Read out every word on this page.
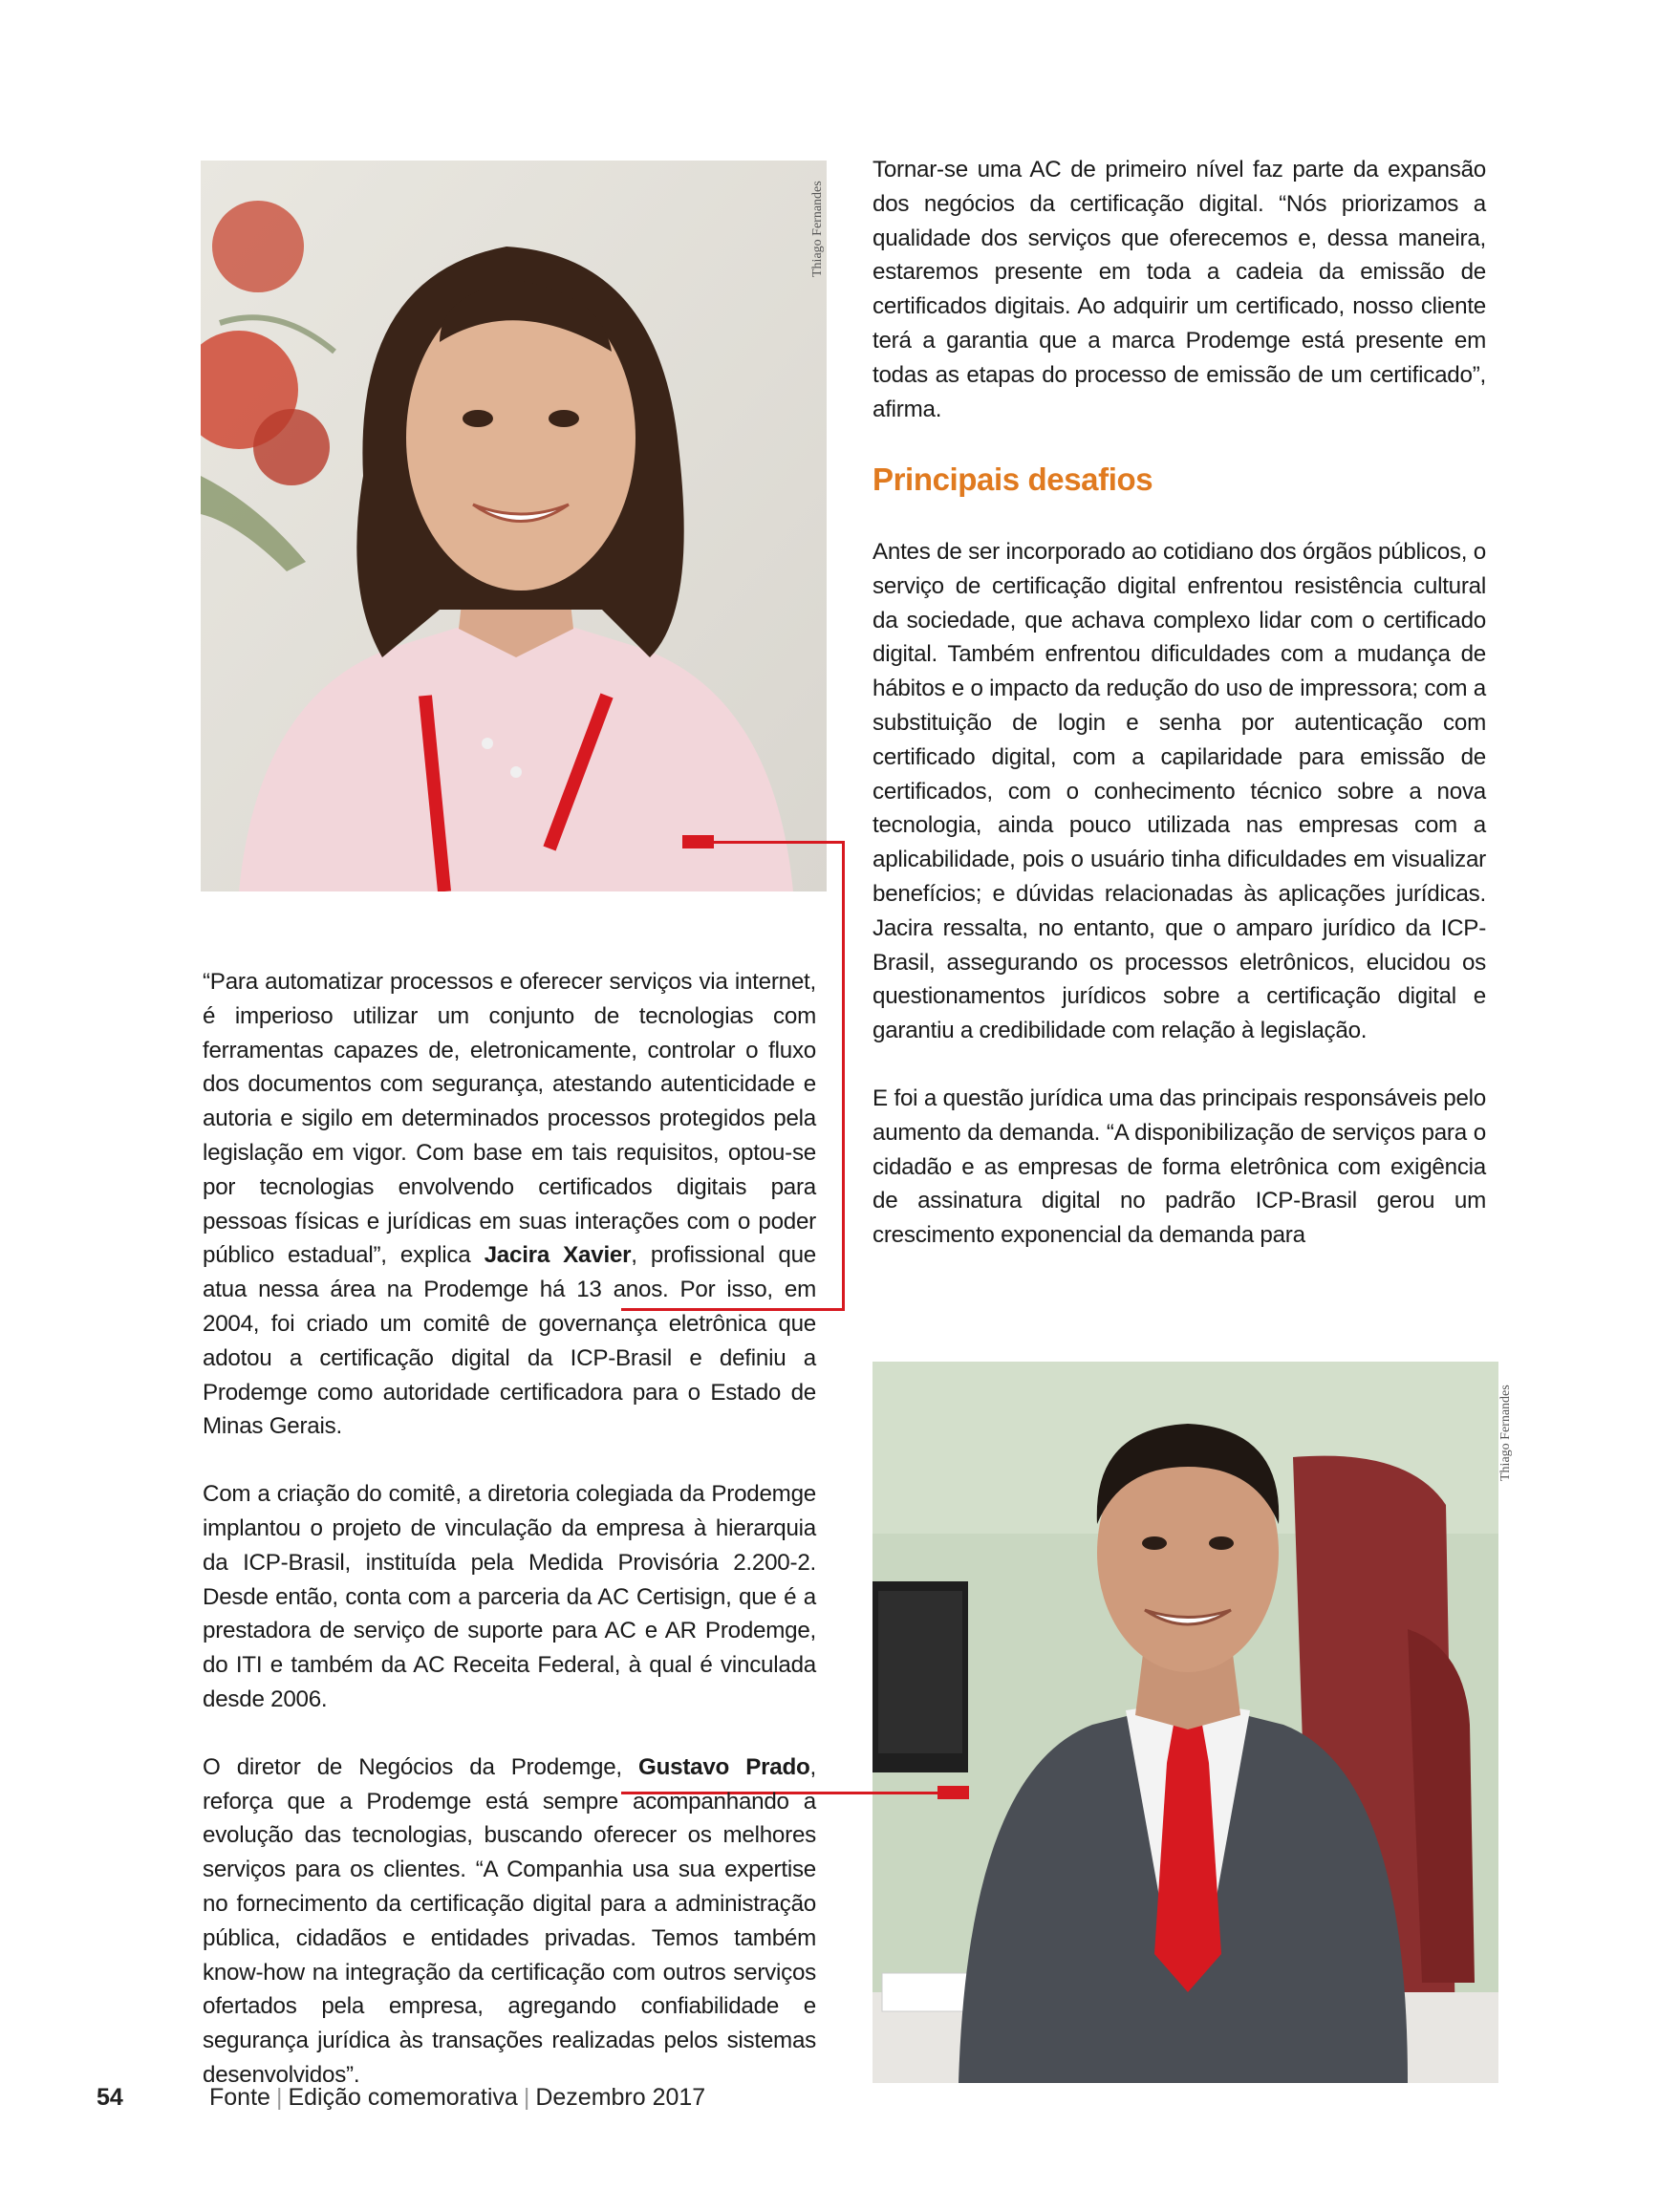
Thiago Fernandes
Thiago Fernandes

“Para automatizar processos e oferecer serviços via internet, é imperioso utilizar um conjunto de tecnologias com ferramentas capazes de, eletronicamente, controlar o fluxo dos documentos com segurança, atestando autenticidade e autoria e sigilo em determinados processos protegidos pela legislação em vigor. Com base em tais requisitos, optou-se por tecnologias envolvendo certificados digitais para pessoas físicas e jurídicas em suas interações com o poder público estadual”, explica Jacira Xavier, profissional que atua nessa área na Prodemge há 13 anos. Por isso, em 2004, foi criado um comitê de governança eletrônica que adotou a certificação digital da ICP-Brasil e definiu a Prodemge como autoridade certificadora para o Estado de Minas Gerais.

Com a criação do comitê, a diretoria colegiada da Prodemge implantou o projeto de vinculação da empresa à hierarquia da ICP-Brasil, instituída pela Medida Provisória 2.200-2. Desde então, conta com a parceria da AC Certisign, que é a prestadora de serviço de suporte para AC e AR Prodemge, do ITI e também da AC Receita Federal, à qual é vinculada desde 2006.

O diretor de Negócios da Prodemge, Gustavo Prado, reforça que a Prodemge está sempre acompanhando a evolução das tecnologias, buscando oferecer os melhores serviços para os clientes. “A Companhia usa sua expertise no fornecimento da certificação digital para a administração pública, cidadãos e entidades privadas. Temos também know-how na integração da certificação com outros serviços ofertados pela empresa, agregando confiabilidade e segurança jurídica às transações realizadas pelos sistemas desenvolvidos”.

Tornar-se uma AC de primeiro nível faz parte da expansão dos negócios da certificação digital. “Nós priorizamos a qualidade dos serviços que oferecemos e, dessa maneira, estaremos presente em toda a cadeia da emissão de certificados digitais. Ao adquirir um certificado, nosso cliente terá a garantia que a marca Prodemge está presente em todas as etapas do processo de emissão de um certificado”, afirma.

Principais desafios

Antes de ser incorporado ao cotidiano dos órgãos públicos, o serviço de certificação digital enfrentou resistência cultural da sociedade, que achava complexo lidar com o certificado digital. Também enfrentou dificuldades com a mudança de hábitos e o impacto da redução do uso de impressora; com a substituição de login e senha por autenticação com certificado digital, com a capilaridade para emissão de certificados, com o conhecimento técnico sobre a nova tecnologia, ainda pouco utilizada nas empresas com a aplicabilidade, pois o usuário tinha dificuldades em visualizar benefícios; e dúvidas relacionadas às aplicações jurídicas. Jacira ressalta, no entanto, que o amparo jurídico da ICP-Brasil, assegurando os processos eletrônicos, elucidou os questionamentos jurídicos sobre a certificação digital e garantiu a credibilidade com relação à legislação.

E foi a questão jurídica uma das principais responsáveis pelo aumento da demanda. “A disponibilização de serviços para o cidadão e as empresas de forma eletrônica com exigência de assinatura digital no padrão ICP-Brasil gerou um crescimento exponencial da demanda para

54	Fonte | Edição comemorativa | Dezembro 2017
